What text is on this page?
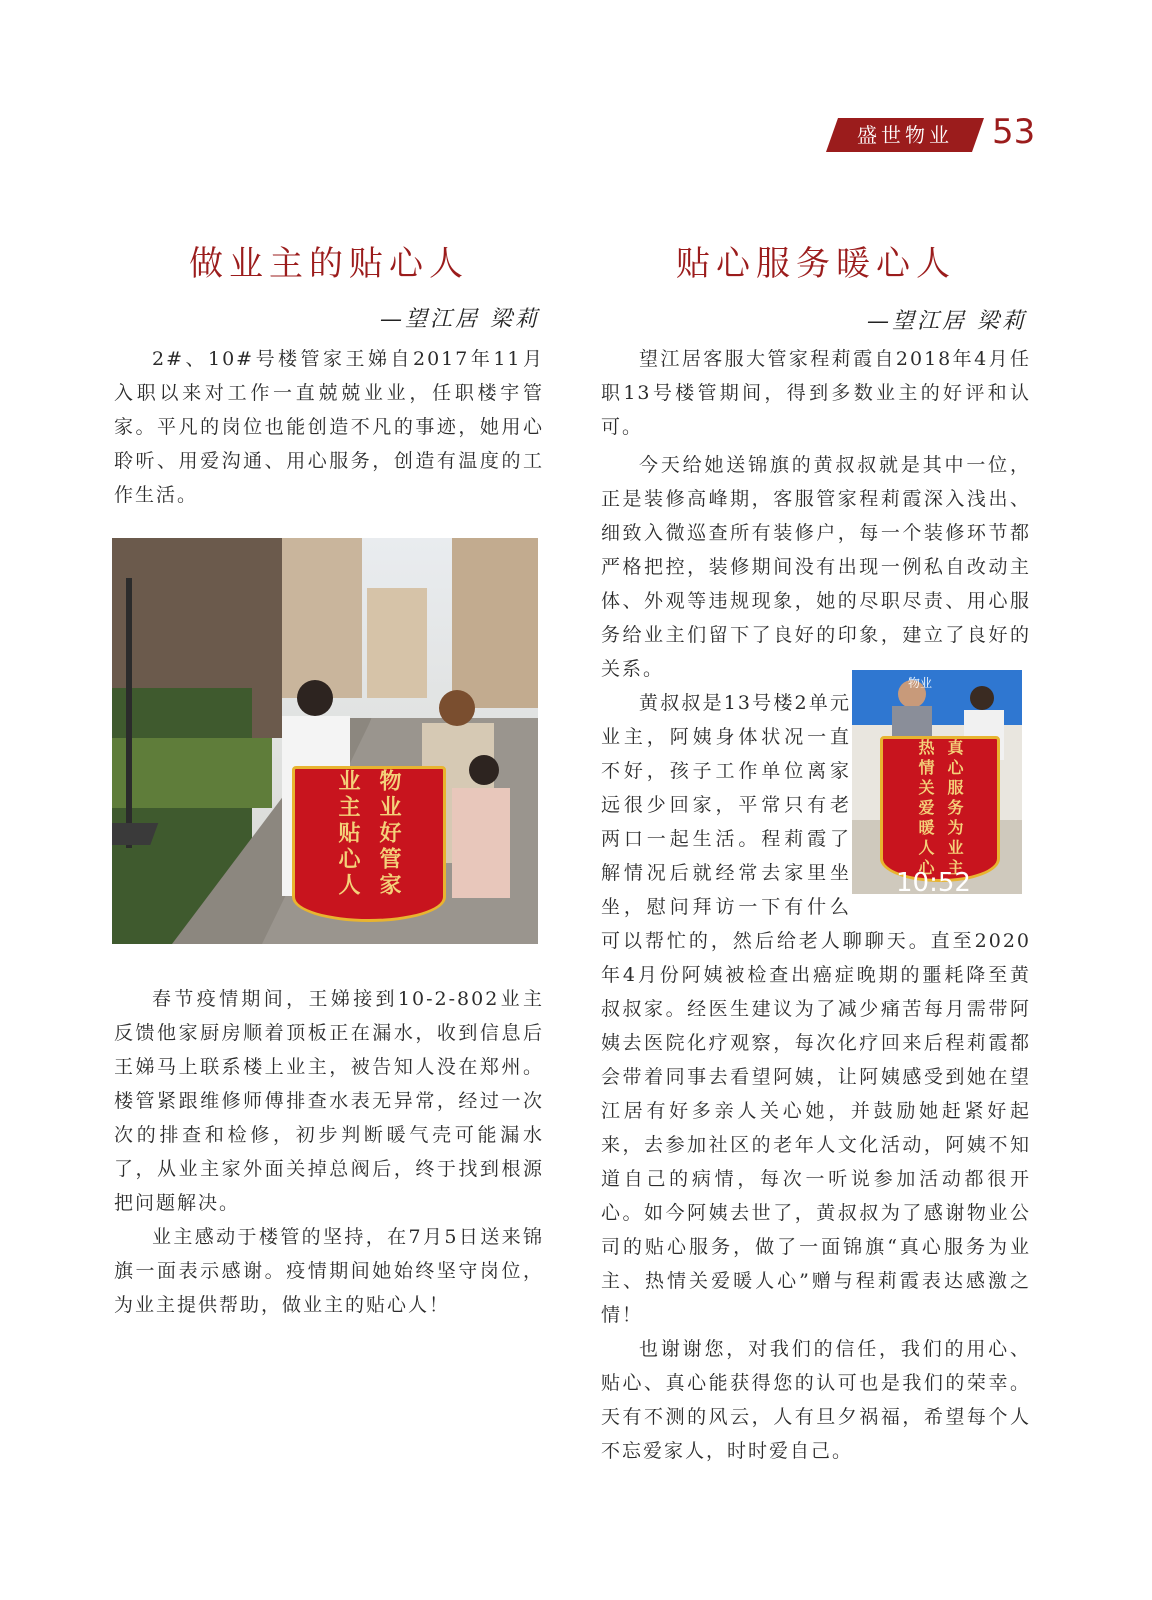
盛世物业	53
做业主的贴心人
—望江居 梁莉

2#、10#号楼管家王娣自2017年11月入职以来对工作一直兢兢业业，任职楼宇管家。平凡的岗位也能创造不凡的事迹，她用心聆听、用爱沟通、用心服务，创造有温度的工作生活。

业主贴心人 物业好管家

春节疫情期间，王娣接到10-2-802业主反馈他家厨房顺着顶板正在漏水，收到信息后王娣马上联系楼上业主，被告知人没在郑州。楼管紧跟维修师傅排查水表无异常，经过一次次的排查和检修，初步判断暖气壳可能漏水了，从业主家外面关掉总阀后，终于找到根源把问题解决。

业主感动于楼管的坚持，在7月5日送来锦旗一面表示感谢。疫情期间她始终坚守岗位，为业主提供帮助，做业主的贴心人！

贴心服务暖心人
—望江居 梁莉
物业
热情关爱暖人心 真心服务为业主
10:52

望江居客服大管家程莉霞自2018年4月任职13号楼管期间，得到多数业主的好评和认可。

今天给她送锦旗的黄叔叔就是其中一位，正是装修高峰期，客服管家程莉霞深入浅出、细致入微巡查所有装修户，每一个装修环节都严格把控，装修期间没有出现一例私自改动主体、外观等违规现象，她的尽职尽责、用心服务给业主们留下了良好的印象，建立了良好的关系。

黄叔叔是13号楼2单元业主，阿姨身体状况一直不好，孩子工作单位离家远很少回家，平常只有老两口一起生活。程莉霞了解情况后就经常去家里坐坐，慰问拜访一下有什么可以帮忙的，然后给老人聊聊天。直至2020年4月份阿姨被检查出癌症晚期的噩耗降至黄叔叔家。经医生建议为了减少痛苦每月需带阿姨去医院化疗观察，每次化疗回来后程莉霞都会带着同事去看望阿姨，让阿姨感受到她在望江居有好多亲人关心她，并鼓励她赶紧好起来，去参加社区的老年人文化活动，阿姨不知道自己的病情，每次一听说参加活动都很开心。如今阿姨去世了，黄叔叔为了感谢物业公司的贴心服务，做了一面锦旗“真心服务为业主、热情关爱暖人心”赠与程莉霞表达感激之情！

也谢谢您，对我们的信任，我们的用心、贴心、真心能获得您的认可也是我们的荣幸。天有不测的风云，人有旦夕祸福，希望每个人不忘爱家人，时时爱自己。
